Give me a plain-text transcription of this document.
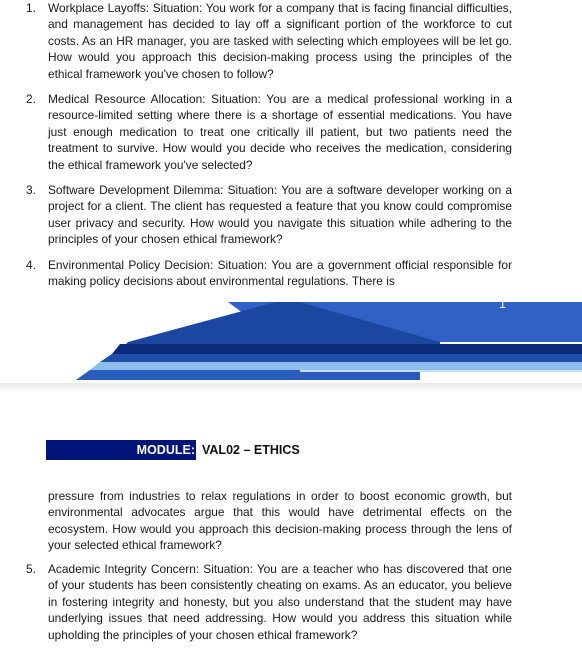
1. Workplace Layoffs: Situation: You work for a company that is facing financial difficulties, and management has decided to lay off a significant portion of the workforce to cut costs. As an HR manager, you are tasked with selecting which employees will be let go. How would you approach this decision-making process using the principles of the ethical framework you've chosen to follow?
2. Medical Resource Allocation: Situation: You are a medical professional working in a resource-limited setting where there is a shortage of essential medications. You have just enough medication to treat one critically ill patient, but two patients need the treatment to survive. How would you decide who receives the medication, considering the ethical framework you've selected?
3. Software Development Dilemma: Situation: You are a software developer working on a project for a client. The client has requested a feature that you know could compromise user privacy and security. How would you navigate this situation while adhering to the principles of your chosen ethical framework?
4. Environmental Policy Decision: Situation: You are a government official responsible for making policy decisions about environmental regulations. There is
1
MODULE: VAL02 – ETHICS

pressure from industries to relax regulations in order to boost economic growth, but environmental advocates argue that this would have detrimental effects on the ecosystem. How would you approach this decision-making process through the lens of your selected ethical framework?

5. Academic Integrity Concern: Situation: You are a teacher who has discovered that one of your students has been consistently cheating on exams. As an educator, you believe in fostering integrity and honesty, but you also understand that the student may have underlying issues that need addressing. How would you address this situation while upholding the principles of your chosen ethical framework?
